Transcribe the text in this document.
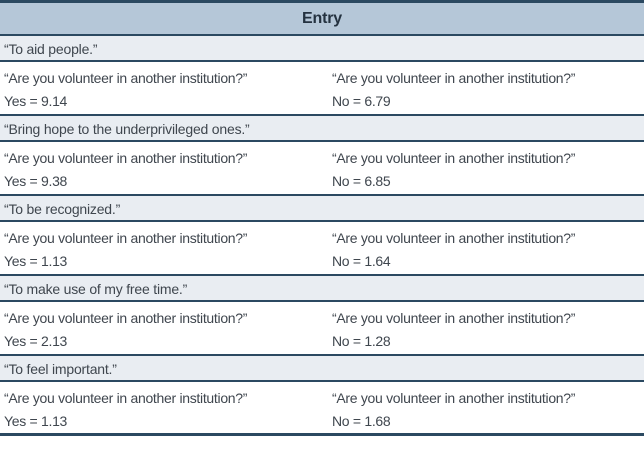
Entry
“To aid people.”
“Are you volunteer in another institution?”
Yes = 9.14
“Are you volunteer in another institution?”
No = 6.79
“Bring hope to the underprivileged ones.”
“Are you volunteer in another institution?”
Yes = 9.38
“Are you volunteer in another institution?”
No = 6.85
“To be recognized.”
“Are you volunteer in another institution?”
Yes = 1.13
“Are you volunteer in another institution?”
No = 1.64
“To make use of my free time.”
“Are you volunteer in another institution?”
Yes = 2.13
“Are you volunteer in another institution?”
No = 1.28
“To feel important.”
“Are you volunteer in another institution?”
Yes = 1.13
“Are you volunteer in another institution?”
No = 1.68
